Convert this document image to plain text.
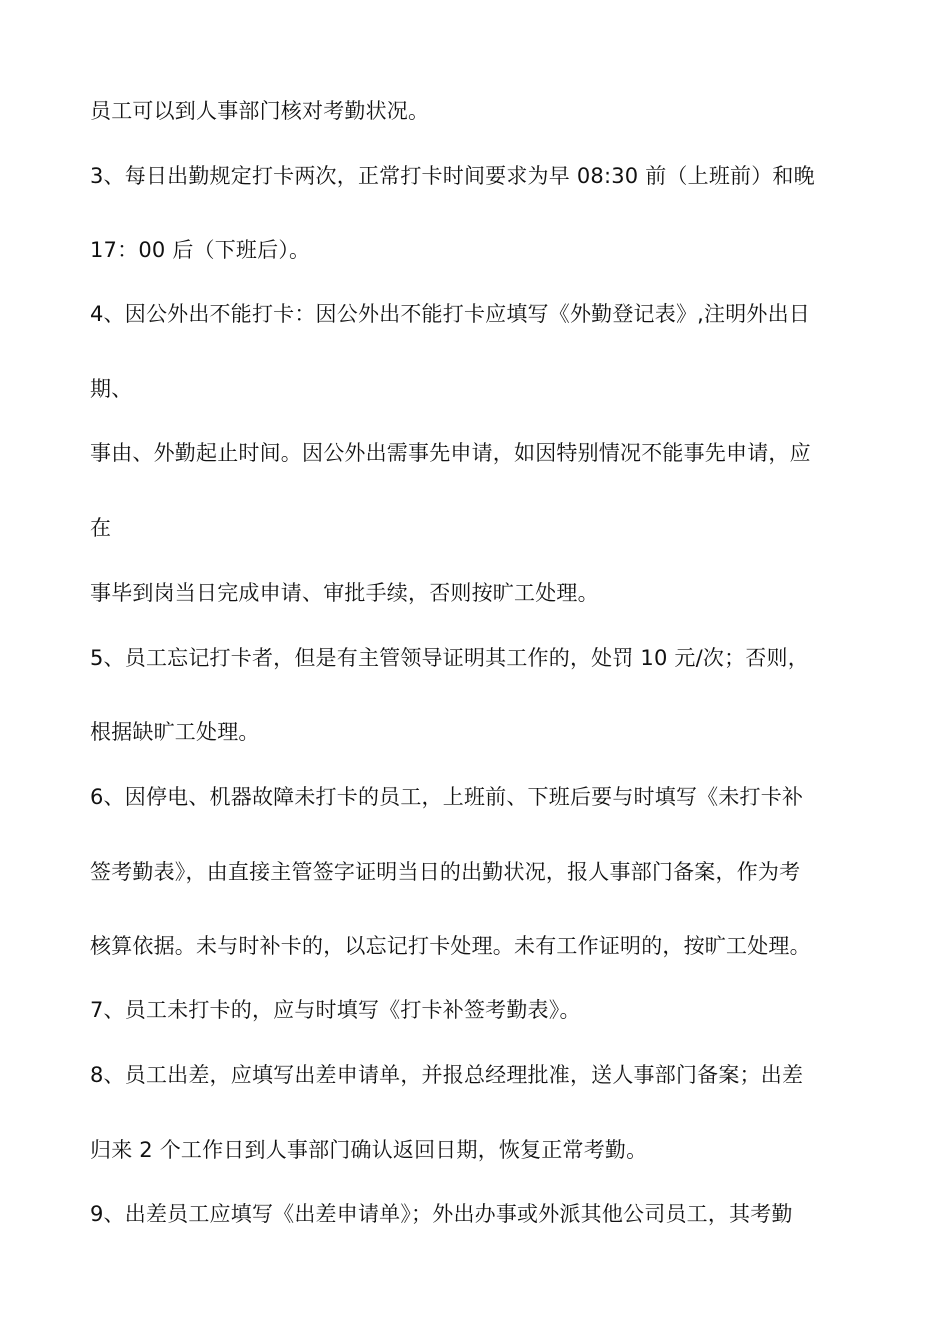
员工可以到人事部门核对考勤状况。
3、每日出勤规定打卡两次，正常打卡时间要求为早 08:30 前（上班前）和晚
17：00 后（下班后）。
4、因公外出不能打卡：因公外出不能打卡应填写《外勤登记表》,注明外出日
期、
事由、外勤起止时间。因公外出需事先申请，如因特别情况不能事先申请，应
在
事毕到岗当日完成申请、审批手续，否则按旷工处理。
5、员工忘记打卡者，但是有主管领导证明其工作的，处罚 10 元/次；否则，
根据缺旷工处理。
6、因停电、机器故障未打卡的员工，上班前、下班后要与时填写《未打卡补
签考勤表》，由直接主管签字证明当日的出勤状况，报人事部门备案，作为考
核算依据。未与时补卡的，以忘记打卡处理。未有工作证明的，按旷工处理。
7、员工未打卡的，应与时填写《打卡补签考勤表》。
8、员工出差，应填写出差申请单，并报总经理批准，送人事部门备案；出差
归来 2 个工作日到人事部门确认返回日期，恢复正常考勤。
9、出差员工应填写《出差申请单》；外出办事或外派其他公司员工，其考勤
